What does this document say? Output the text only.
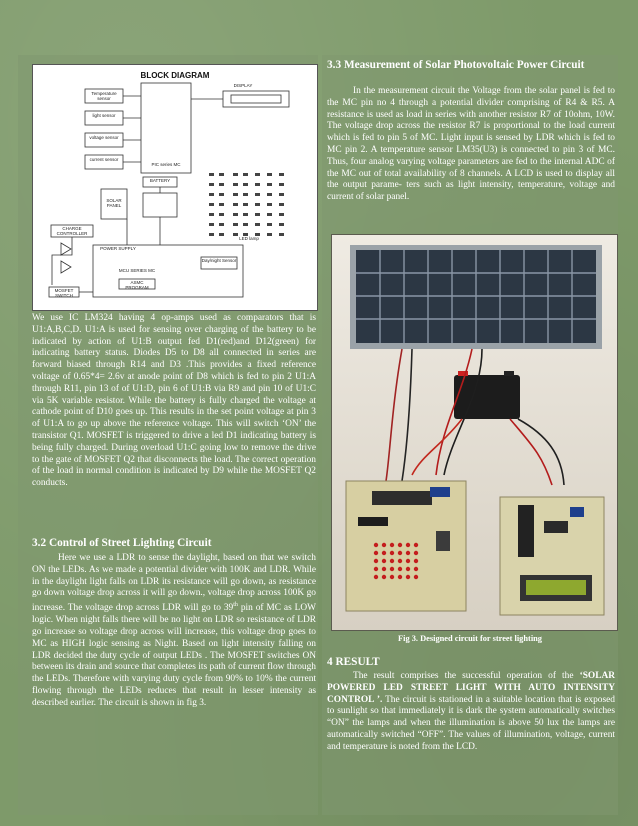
BLOCK DIAGRAM
Temperature sensor
light sensor
voltage sensor
current sensor
DISPLAY
PIC series MC
BATTERY
SOLAR PANEL
CHARGE CONTROLLER
Day/night Sensor
MOSFET SWITCH
LED lamp
POWER SUPPLY
MCU SERIES MC
ASMC PROGRAM
We use IC LM324 having 4 op-amps used as comparators that is U1:A,B,C,D. U1:A is used for sensing over charging of the battery to be indicated by action of U1:B output fed D1(red)and D12(green) for indicating battery status. Diodes D5 to D8 all connected in series are forward biased through R14 and D3 .This provides a fixed reference voltage of 0.65*4= 2.6v at anode point of D8 which is fed to pin 2 U1:A through R11, pin 13 of of U1:D, pin 6 of U1:B via R9 and pin 10 of U1:C via 5K variable resistor. While the battery is fully charged the voltage at cathode point of D10 goes up. This results in the set point voltage at pin 3 of U1:A to go up above the reference voltage. This will switch ‘ON’ the transistor Q1. MOSFET is triggered to drive a led D1 indicating battery is being fully charged. During overload U1:C going low to remove the drive to the gate of MOSFET Q2 that disconnects the load. The correct operation of the load in normal condition is indicated by D9 while the MOSFET Q2 conducts.
3.2 Control of Street Lighting Circuit

Here we use a LDR to sense the daylight, based on that we switch ON the LEDs. As we made a potential divider with 100K and LDR. While in the daylight light falls on LDR its resistance will go down, as resistance go down voltage drop across it will go down., voltage drop across 100K go increase. The voltage drop across LDR will go to 39th pin of MC as LOW logic. When night falls there will be no light on LDR so resistance of LDR go increase so voltage drop across will increase, this voltage drop goes to MC as HIGH logic sensing as Night. Based on light intensity falling on LDR decided the duty cycle of output LEDs . The MOSFET switches ON between its drain and source that completes its path of current flow through the LEDs. Therefore with varying duty cycle from 90% to 10% the current flowing through the LEDs reduces that result in lesser intensity as described earlier. The circuit is shown in fig 3.

3.3 Measurement of Solar Photovoltaic Power Circuit

In the measurement circuit the Voltage from the solar panel is fed to the MC pin no 4 through a potential divider comprising of R4 & R5. A resistance is used as load in series with another resistor R7 of 10ohm, 10W. The voltage drop across the resistor R7 is proportional to the load current which is fed to pin 5 of MC. Light input is sensed by LDR which is fed to MC pin 2. A temperature sensor LM35(U3) is connected to pin 3 of MC. Thus, four analog varying voltage parameters are fed to the internal ADC of the MC out of total availability of 8 channels. A LCD is used to display all the output parame- ters such as light intensity, temperature, voltage and current of solar panel.

Fig 3. Designed circuit for street lighting
4 RESULT

The result comprises the successful operation of the ‘SOLAR POWERED LED STREET LIGHT WITH AUTO INTENSITY CONTROL ’. The circuit is stationed in a suitable location that is exposed to sunlight so that immediately it is dark the system automatically switches “ON” the lamps and when the illumination is above 50 lux the lamps are automatically switched “OFF”. The values of illumination, voltage, current and temperature is noted from the LCD.
